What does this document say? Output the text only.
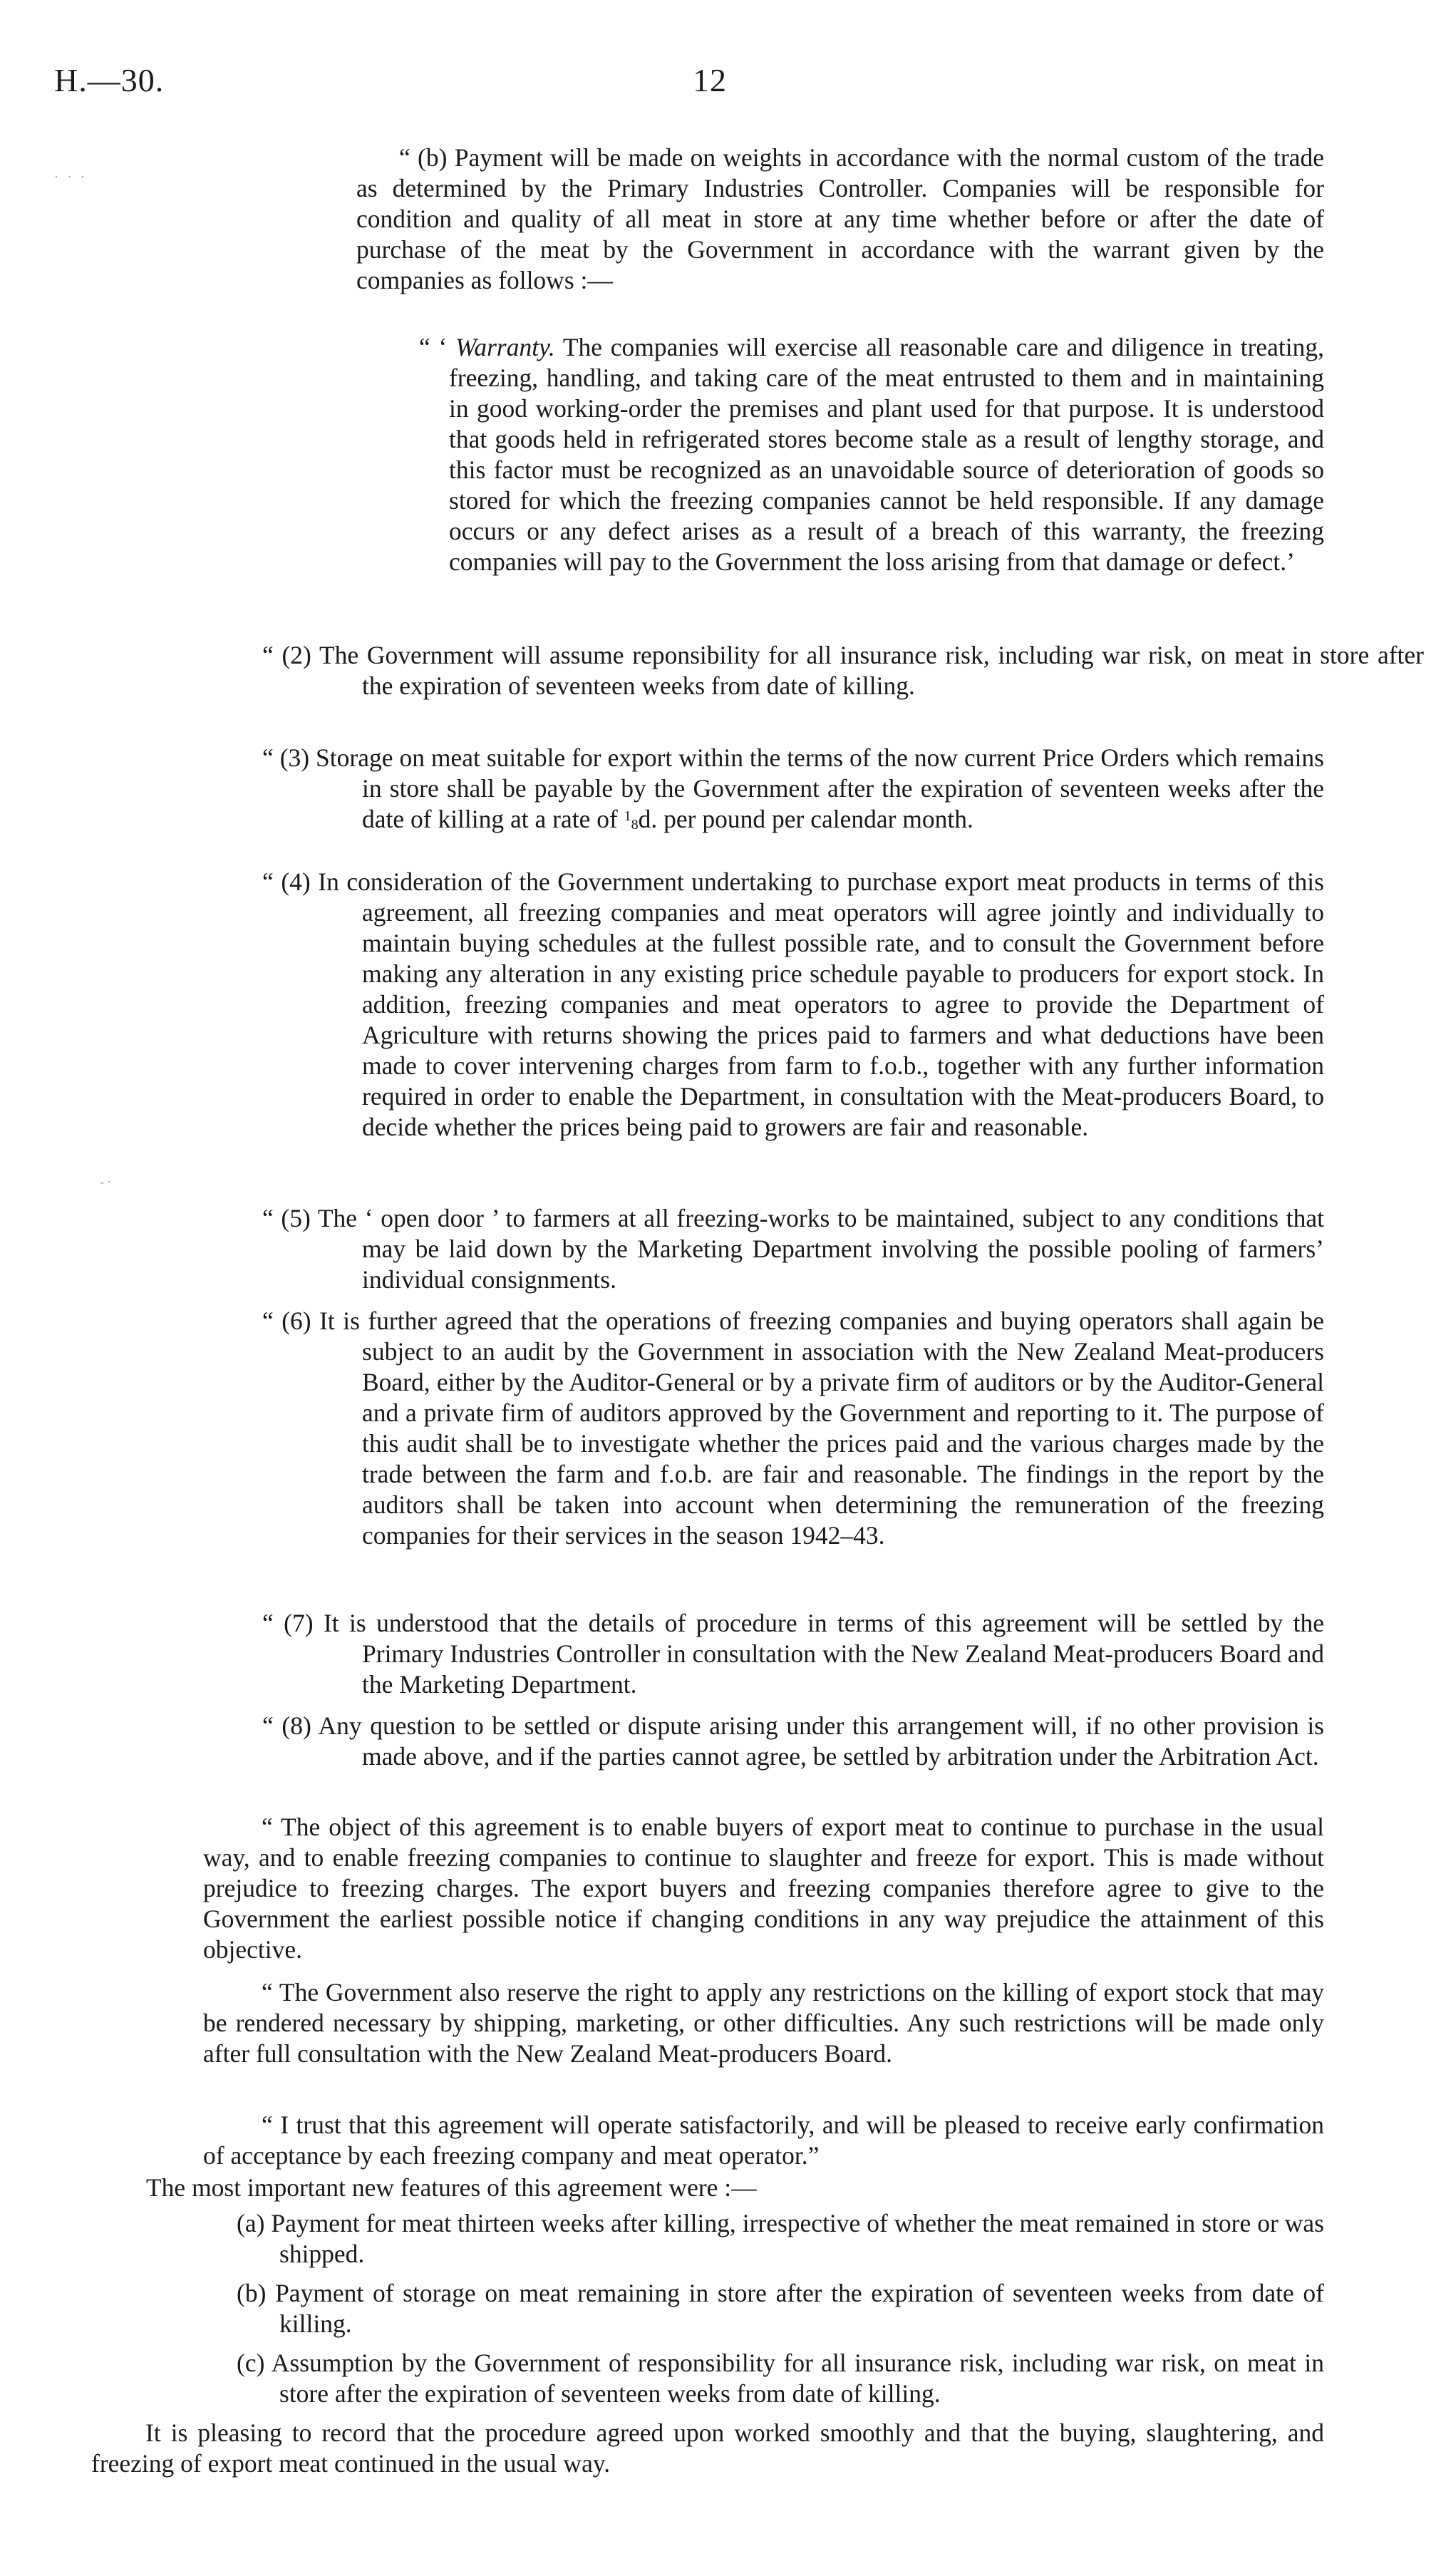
H.—30.	12
· · ·
-·

“ (b) Payment will be made on weights in accordance with the normal custom of the trade as determined by the Primary Industries Controller. Companies will be responsible for condition and quality of all meat in store at any time whether before or after the date of purchase of the meat by the Government in accordance with the warrant given by the companies as follows :—

“ ‘ Warranty. The companies will exercise all reasonable care and diligence in treating, freezing, handling, and taking care of the meat entrusted to them and in maintaining in good working-order the premises and plant used for that purpose. It is understood that goods held in refrigerated stores become stale as a result of lengthy storage, and this factor must be recognized as an unavoidable source of deterioration of goods so stored for which the freezing companies cannot be held responsible. If any damage occurs or any defect arises as a result of a breach of this warranty, the freezing companies will pay to the Government the loss arising from that damage or defect.’

“ (2) The Government will assume reponsibility for all insurance risk, including war risk, on meat in store after the expiration of seventeen weeks from date of killing.

“ (3) Storage on meat suitable for export within the terms of the now current Price Orders which remains in store shall be payable by the Government after the expiration of seventeen weeks after the date of killing at a rate of 18d. per pound per calendar month.

“ (4) In consideration of the Government undertaking to purchase export meat products in terms of this agreement, all freezing companies and meat operators will agree jointly and individually to maintain buying schedules at the fullest possible rate, and to consult the Government before making any alteration in any existing price schedule payable to producers for export stock. In addition, freezing companies and meat operators to agree to provide the Department of Agriculture with returns showing the prices paid to farmers and what deductions have been made to cover intervening charges from farm to f.o.b., together with any further information required in order to enable the Department, in consultation with the Meat-producers Board, to decide whether the prices being paid to growers are fair and reasonable.

“ (5) The ‘ open door ’ to farmers at all freezing-works to be maintained, subject to any conditions that may be laid down by the Marketing Department involving the possible pooling of farmers’ individual consignments.

“ (6) It is further agreed that the operations of freezing companies and buying operators shall again be subject to an audit by the Government in association with the New Zealand Meat-producers Board, either by the Auditor-General or by a private firm of auditors or by the Auditor-General and a private firm of auditors approved by the Government and reporting to it. The purpose of this audit shall be to investigate whether the prices paid and the various charges made by the trade between the farm and f.o.b. are fair and reasonable. The findings in the report by the auditors shall be taken into account when determining the remuneration of the freezing companies for their services in the season 1942–43.

“ (7) It is understood that the details of procedure in terms of this agreement will be settled by the Primary Industries Controller in consultation with the New Zealand Meat-producers Board and the Marketing Department.

“ (8) Any question to be settled or dispute arising under this arrangement will, if no other provision is made above, and if the parties cannot agree, be settled by arbitration under the Arbitration Act.

“ The object of this agreement is to enable buyers of export meat to continue to purchase in the usual way, and to enable freezing companies to continue to slaughter and freeze for export. This is made without prejudice to freezing charges. The export buyers and freezing companies therefore agree to give to the Government the earliest possible notice if changing conditions in any way prejudice the attainment of this objective.

“ The Government also reserve the right to apply any restrictions on the killing of export stock that may be rendered necessary by shipping, marketing, or other difficulties. Any such restrictions will be made only after full consultation with the New Zealand Meat-producers Board.

“ I trust that this agreement will operate satisfactorily, and will be pleased to receive early confirmation of acceptance by each freezing company and meat operator.”

The most important new features of this agreement were :—

(a) Payment for meat thirteen weeks after killing, irrespective of whether the meat remained in store or was shipped.

(b) Payment of storage on meat remaining in store after the expiration of seventeen weeks from date of killing.

(c) Assumption by the Government of responsibility for all insurance risk, including war risk, on meat in store after the expiration of seventeen weeks from date of killing.

It is pleasing to record that the procedure agreed upon worked smoothly and that the buying, slaughtering, and freezing of export meat continued in the usual way.
